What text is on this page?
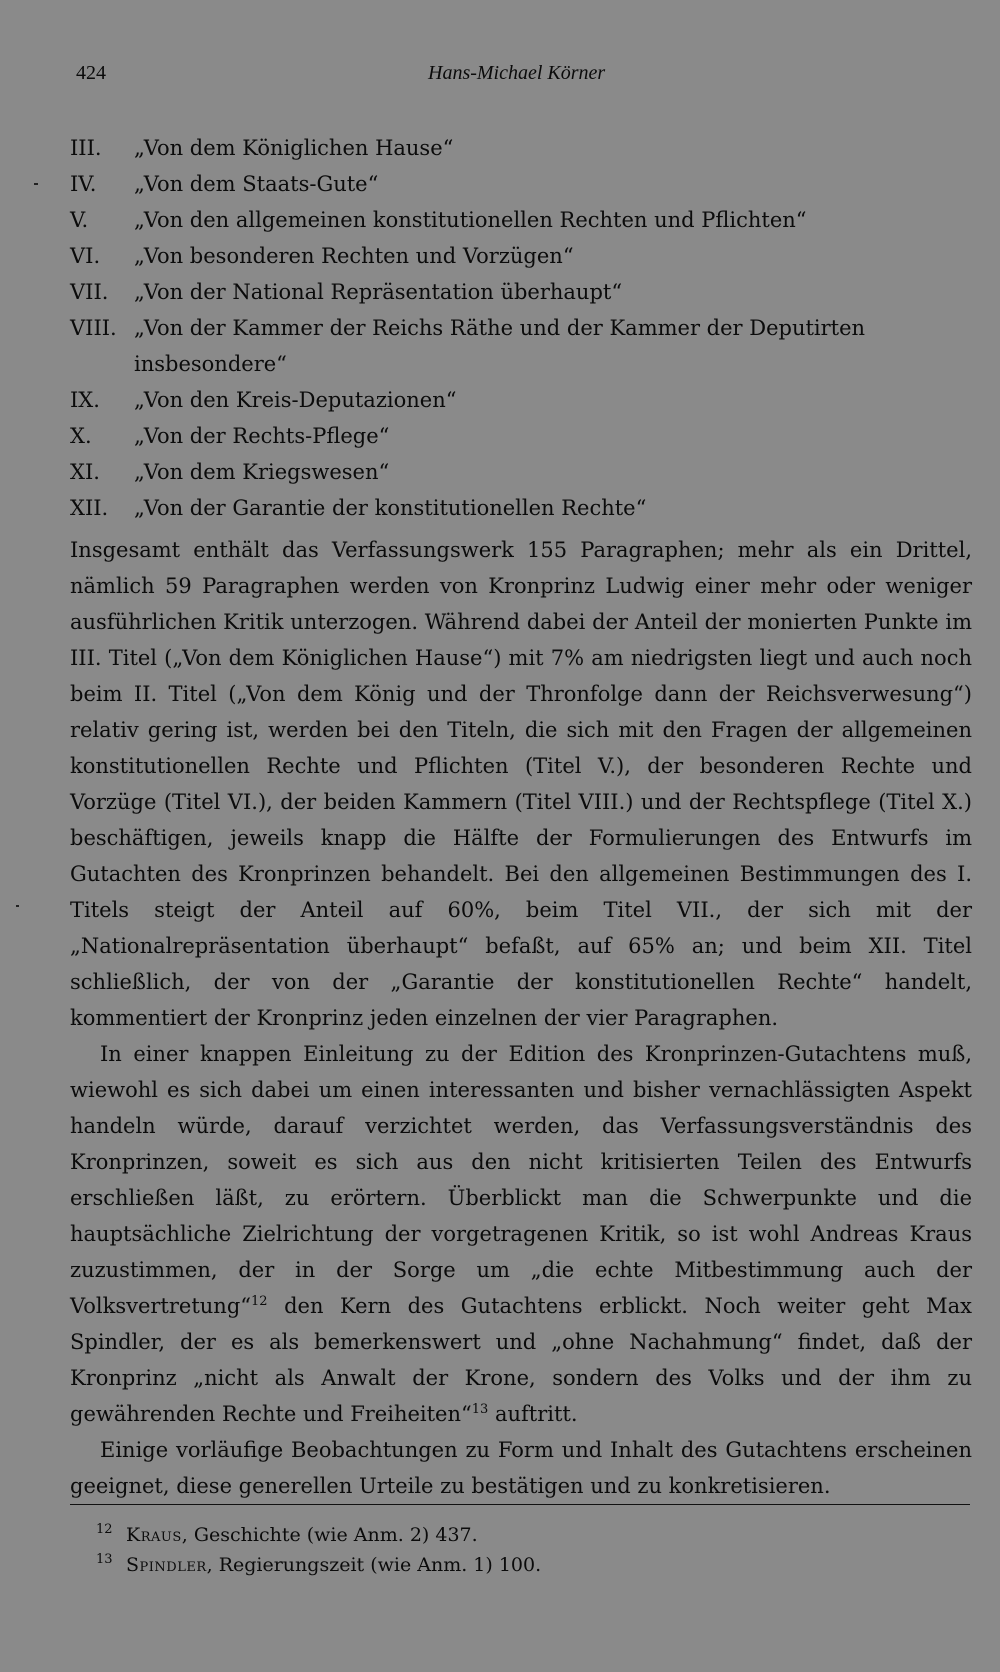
424	Hans-Michael Körner
III.	„Von dem Königlichen Hause“
IV.	„Von dem Staats-Gute“
V.	„Von den allgemeinen konstitutionellen Rechten und Pflichten“
VI.	„Von besonderen Rechten und Vorzügen“
VII.	„Von der National Repräsentation überhaupt“
VIII. „Von der Kammer der Reichs Räthe und der Kammer der Deputirten insbesondere“
IX.	„Von den Kreis-Deputazionen“
X.	„Von der Rechts-Pflege“
XI.	„Von dem Kriegswesen“
XII.	„Von der Garantie der konstitutionellen Rechte“

Insgesamt enthält das Verfassungswerk 155 Paragraphen; mehr als ein Drittel, nämlich 59 Paragraphen werden von Kronprinz Ludwig einer mehr oder weniger ausführlichen Kritik unterzogen. Während dabei der Anteil der monierten Punkte im III. Titel („Von dem Königlichen Hause“) mit 7% am niedrigsten liegt und auch noch beim II. Titel („Von dem König und der Thronfolge dann der Reichsverwesung“) relativ gering ist, werden bei den Titeln, die sich mit den Fragen der allgemeinen konstitutionellen Rechte und Pflichten (Titel V.), der besonderen Rechte und Vorzüge (Titel VI.), der beiden Kammern (Titel VIII.) und der Rechtspflege (Titel X.) beschäftigen, jeweils knapp die Hälfte der Formulierungen des Entwurfs im Gutachten des Kronprinzen behandelt. Bei den allgemeinen Bestimmungen des I. Titels steigt der Anteil auf 60%, beim Titel VII., der sich mit der „Nationalrepräsentation überhaupt“ befaßt, auf 65% an; und beim XII. Titel schließlich, der von der „Garantie der konstitutionellen Rechte“ handelt, kommentiert der Kronprinz jeden einzelnen der vier Paragraphen.

In einer knappen Einleitung zu der Edition des Kronprinzen-Gutachtens muß, wiewohl es sich dabei um einen interessanten und bisher vernachlässigten Aspekt handeln würde, darauf verzichtet werden, das Verfassungsverständnis des Kronprinzen, soweit es sich aus den nicht kritisierten Teilen des Entwurfs erschließen läßt, zu erörtern. Überblickt man die Schwerpunkte und die hauptsächliche Zielrichtung der vorgetragenen Kritik, so ist wohl Andreas Kraus zuzustimmen, der in der Sorge um „die echte Mitbestimmung auch der Volksvertretung“$^{12}$ den Kern des Gutachtens erblickt. Noch weiter geht Max Spindler, der es als bemerkenswert und „ohne Nachahmung“ findet, daß der Kronprinz „nicht als Anwalt der Krone, sondern des Volks und der ihm zu gewährenden Rechte und Freiheiten“$^{13}$ auftritt.

Einige vorläufige Beobachtungen zu Form und Inhalt des Gutachtens erscheinen geeignet, diese generellen Urteile zu bestätigen und zu konkretisieren.

12 Kraus , Geschichte (wie Anm. 2) 437.
13 Spindler , Regierungszeit (wie Anm. 1) 100.
